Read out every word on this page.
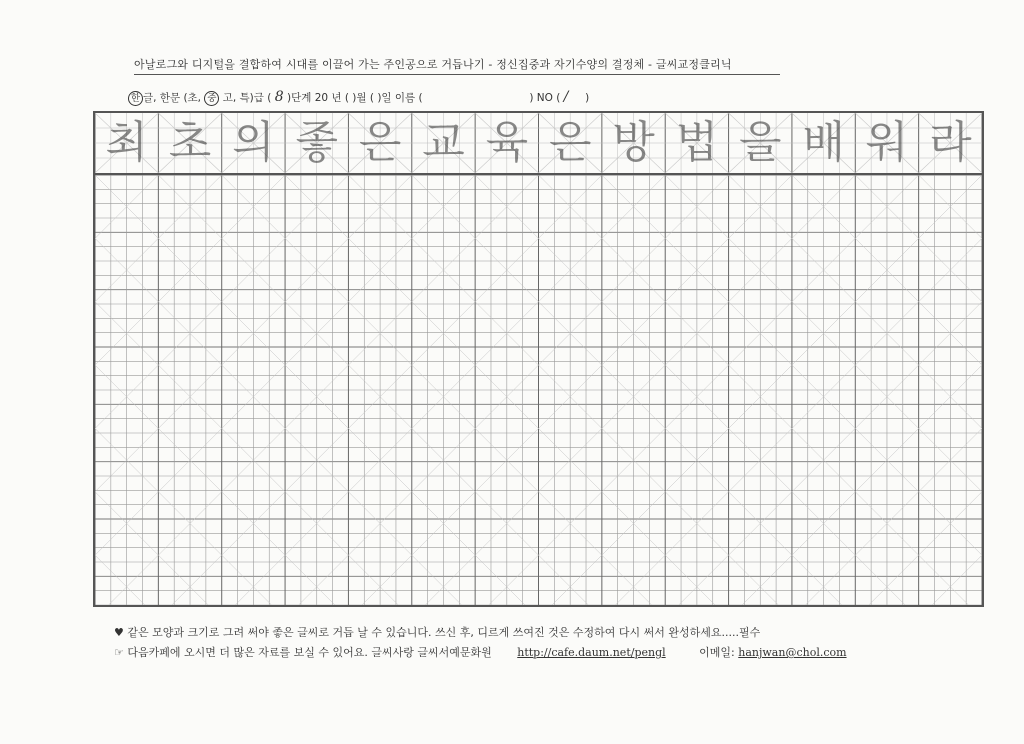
아날로그와 디지털을 결합하여 시대를 이끌어 가는 주인공으로 거듭나기 - 정신집중과 자기수양의 결정체 - 글씨교정클리닉
한 글, 한문 (초, 중 고, 특)급 ( 8 )단계 20 년 ( )월 ( )일 이름 (	) NO ( / )
최 초 의 좋 은 교 육 은 방 법 을 배 워 라
♥ 같은 모양과 크기로 그려 써야 좋은 글씨로 거듭 날 수 있습니다. 쓰신 후, 디르게 쓰여진 것은 수정하여 다시 써서 완성하세요.....필수
☞ 다음카페에 오시면 더 많은 자료를 보실 수 있어요. 글씨사랑 글씨서예문화원 http://cafe.daum.net/pengl	이메일: hanjwan@chol.com
